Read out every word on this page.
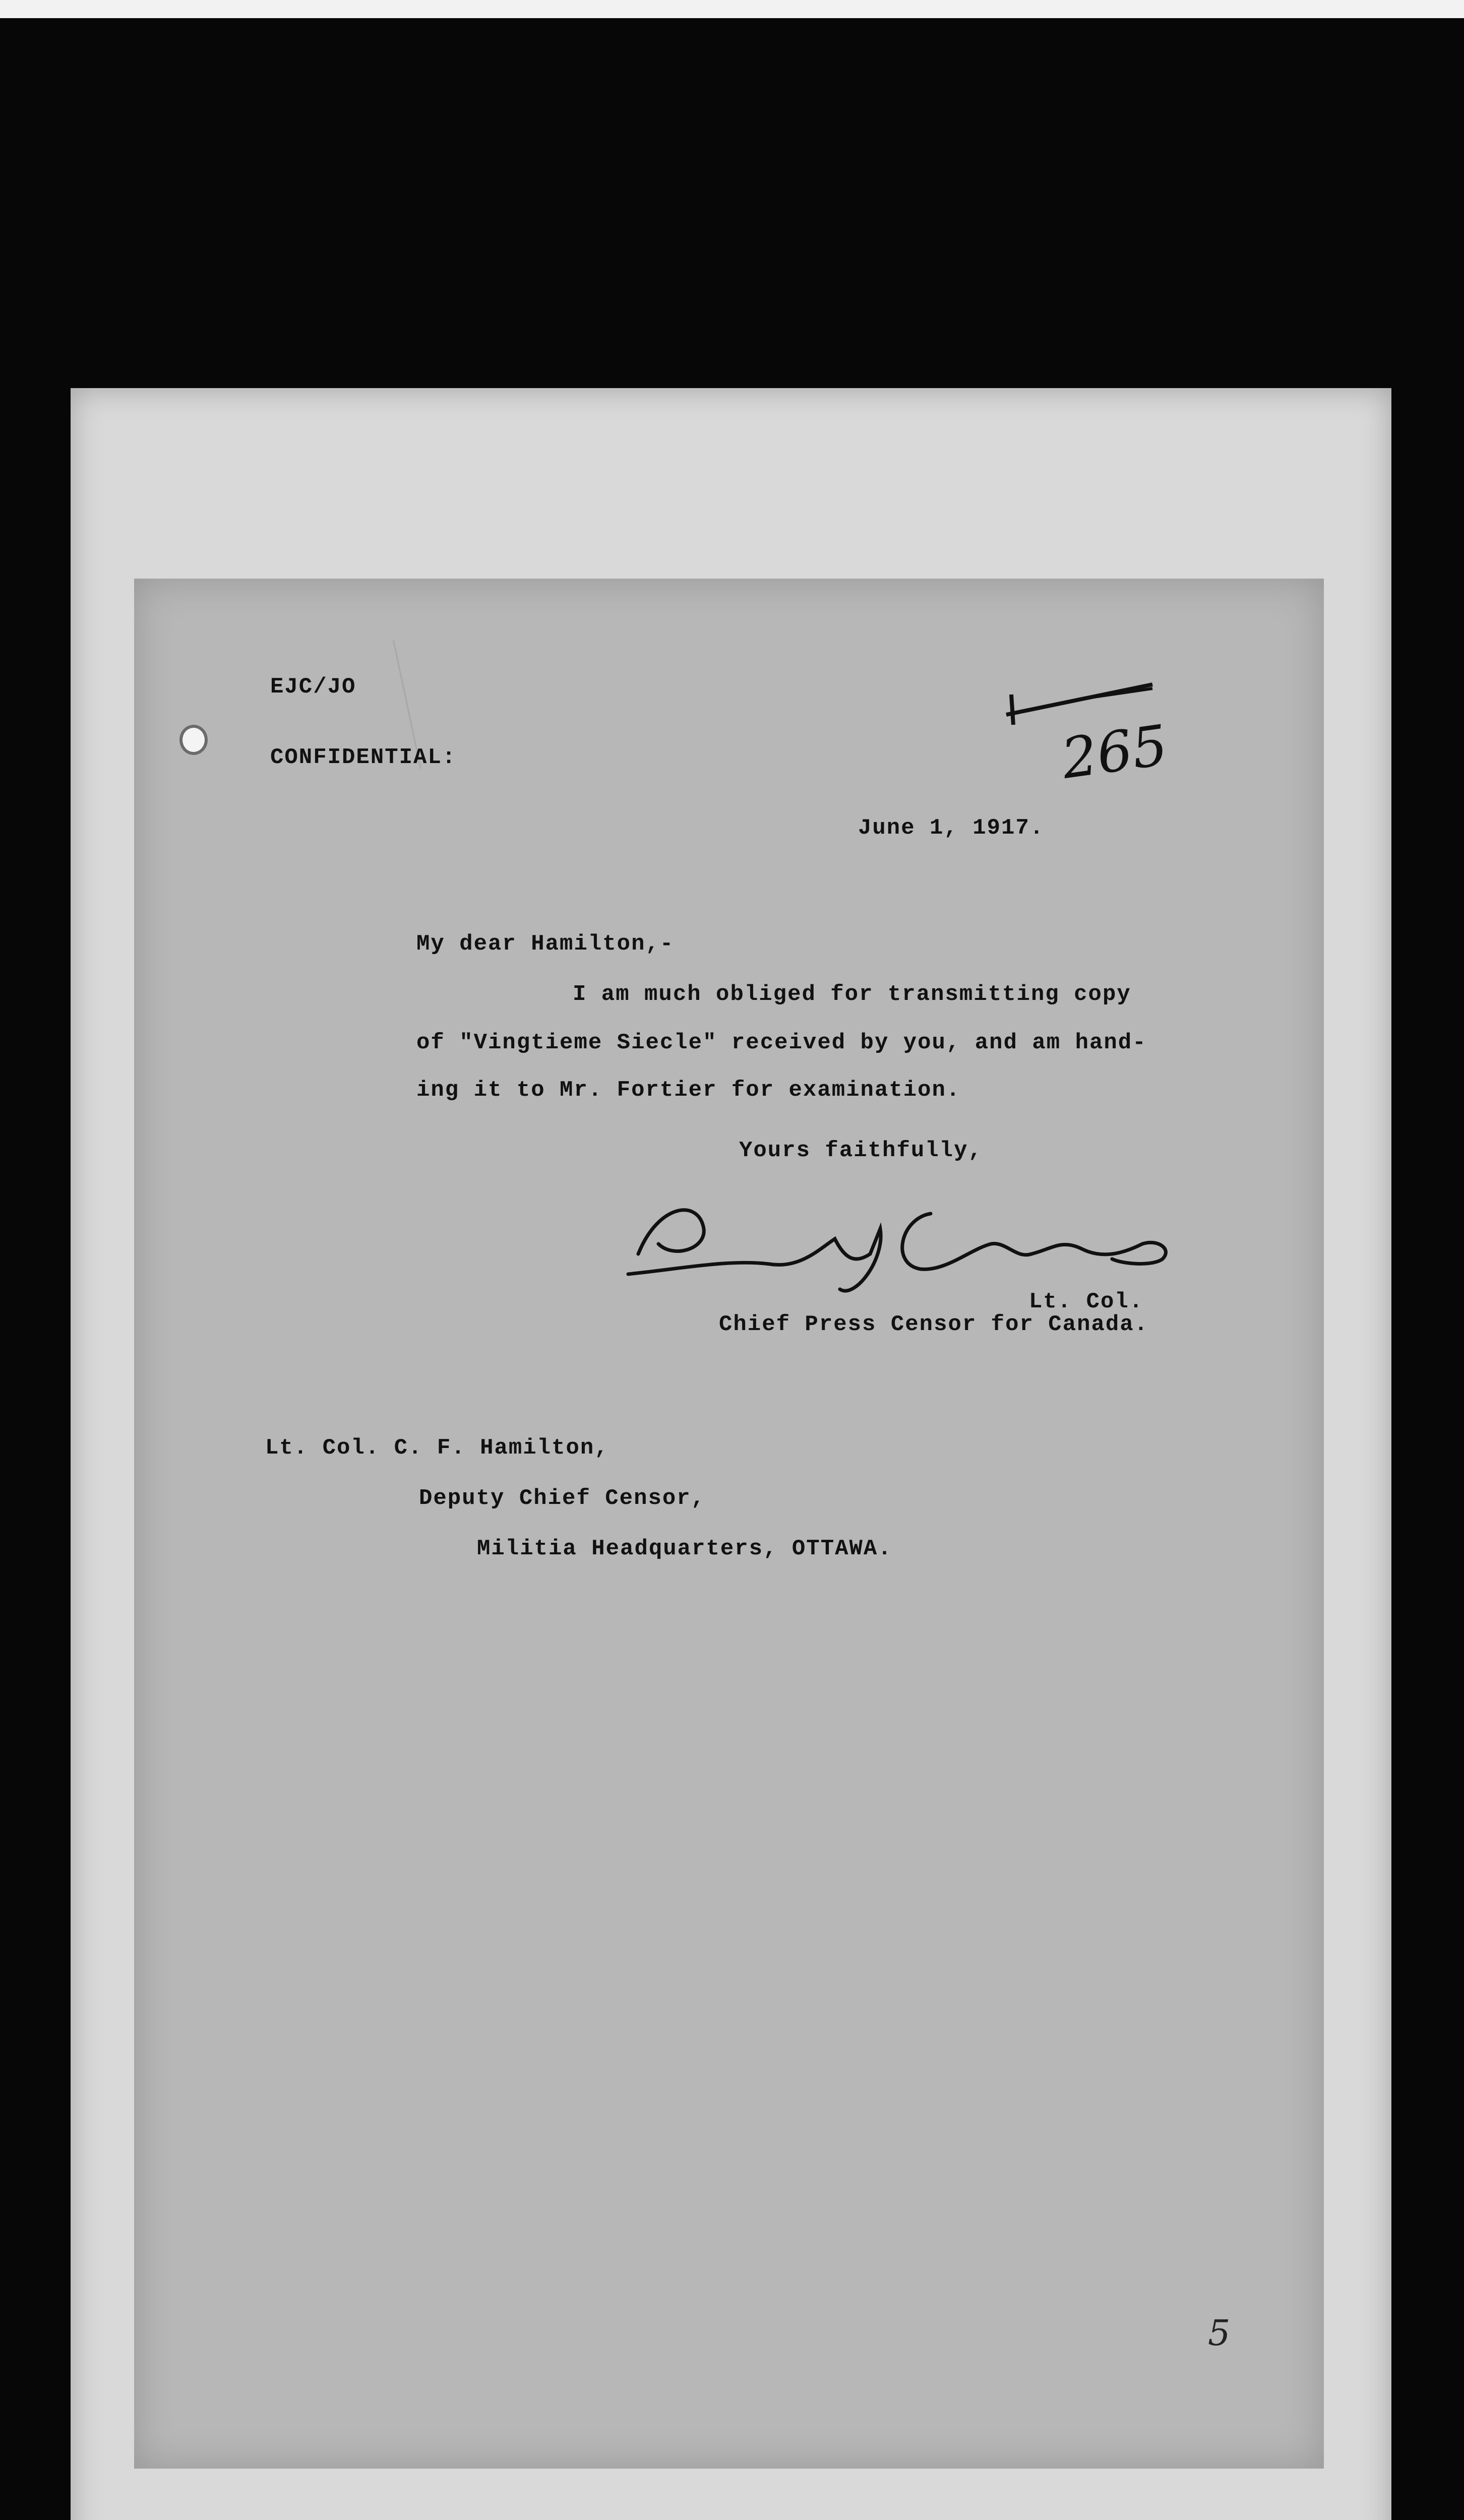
EJC/JO
CONFIDENTIAL:	265
June 1, 1917.
My dear Hamilton,-
I am much obliged for transmitting copy
of "Vingtieme Siecle" received by you, and am hand-
ing it to Mr. Fortier for examination.
Yours faithfully,
Lt. Col.
Chief Press Censor for Canada.
Lt. Col. C. F. Hamilton,
Deputy Chief Censor,
Militia Headquarters, OTTAWA.
5
